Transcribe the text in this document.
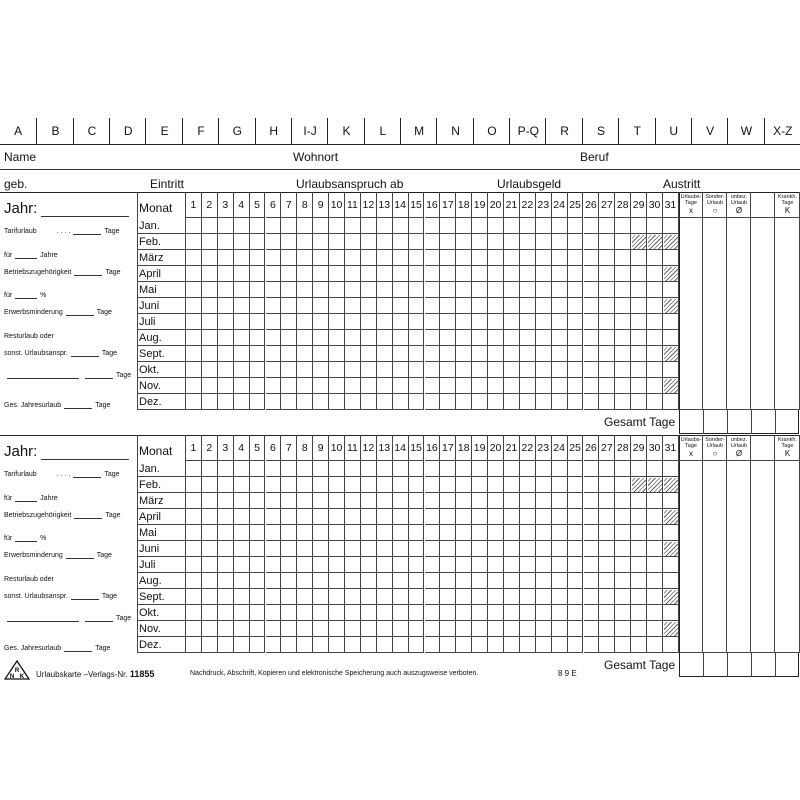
A	B	C	D	E	F	G	H	I-J	K	L	M	N	O	P-Q	R	S	T	U	V	W	X-Z
Name	Wohnort	Beruf
geb.	Eintritt	Urlaubsanspruch ab	Urlaubsgeld	Austritt
Jahr:	Monat	1 2 3 4 5 6 7 8 9 10 11 12 13 14 15 16 17 18 19 20 21 22 23 24 25 26 27 28 29 30 31
Jan.
Feb.
März
April
Mai
Juni
Juli
Aug.
Sept.
Okt.
Nov.
Dez.
Urlaubs-
Tage
x
Sonder-
Urlaub
○
unbez.
Urlaub
Ø
Krankh.
Tage
K
Gesamt Tage
Tarifurlaub	. . . .	Tage
für	Jahre
Betriebszugehörigkeit	Tage
für	%
Erwerbsminderung	Tage
Resturlaub oder
sonst. Urlaubsanspr.	Tage
Tage
Ges. Jahresurlaub	Tage
Jahr:	Monat	1 2 3 4 5 6 7 8 9 10 11 12 13 14 15 16 17 18 19 20 21 22 23 24 25 26 27 28 29 30 31
Jan.
Feb.
März
April
Mai
Juni
Juli
Aug.
Sept.
Okt.
Nov.
Dez.
Urlaubs-
Tage
x
Sonder-
Urlaub
○
unbez.
Urlaub
Ø
Krankh.
Tage
K
Gesamt Tage
Tarifurlaub	. . . .	Tage
für	Jahre
Betriebszugehörigkeit	Tage
für	%
Erwerbsminderung	Tage
Resturlaub oder
sonst. Urlaubsanspr.	Tage
Tage
Ges. Jahresurlaub	Tage
R
N K Urlaubskarte –Verlags-Nr. 11855	Nachdruck, Abschrift, Kopieren und elektronische Speicherung auch auszugsweise verboten.	8 9 E
